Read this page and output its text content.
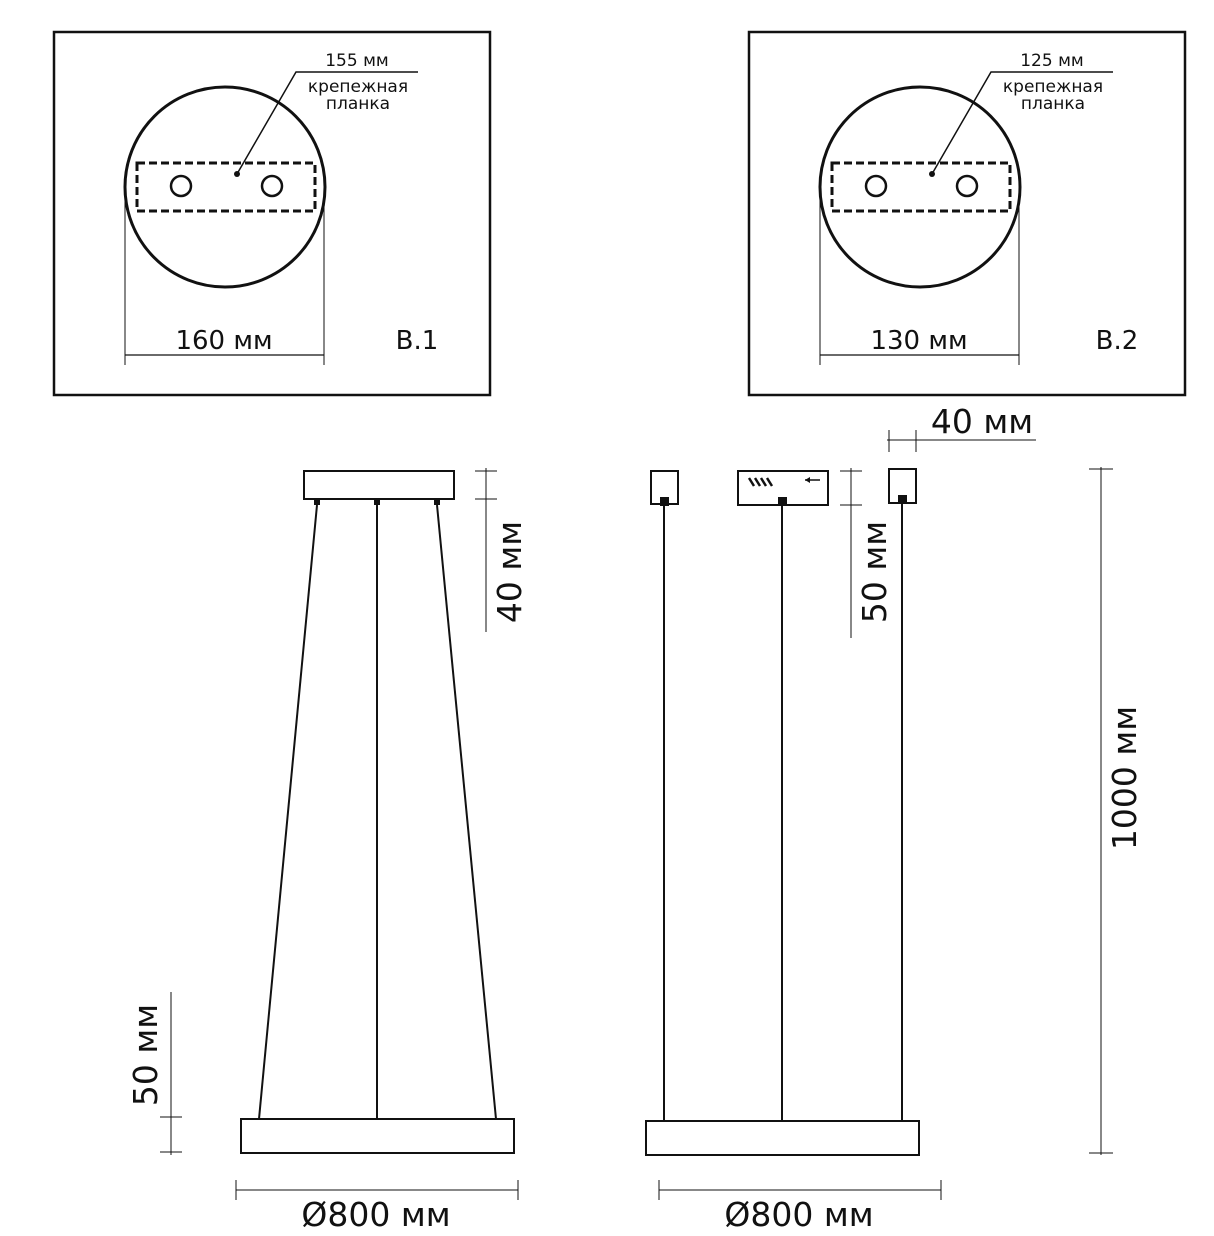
155 мм
крепежная
планка
160 мм	B.1
125 мм
крепежная
планка
130 мм	B.2
40 мм
50 мм
Ø800 мм
40 мм
50 мм
1000 мм
Ø800 мм
